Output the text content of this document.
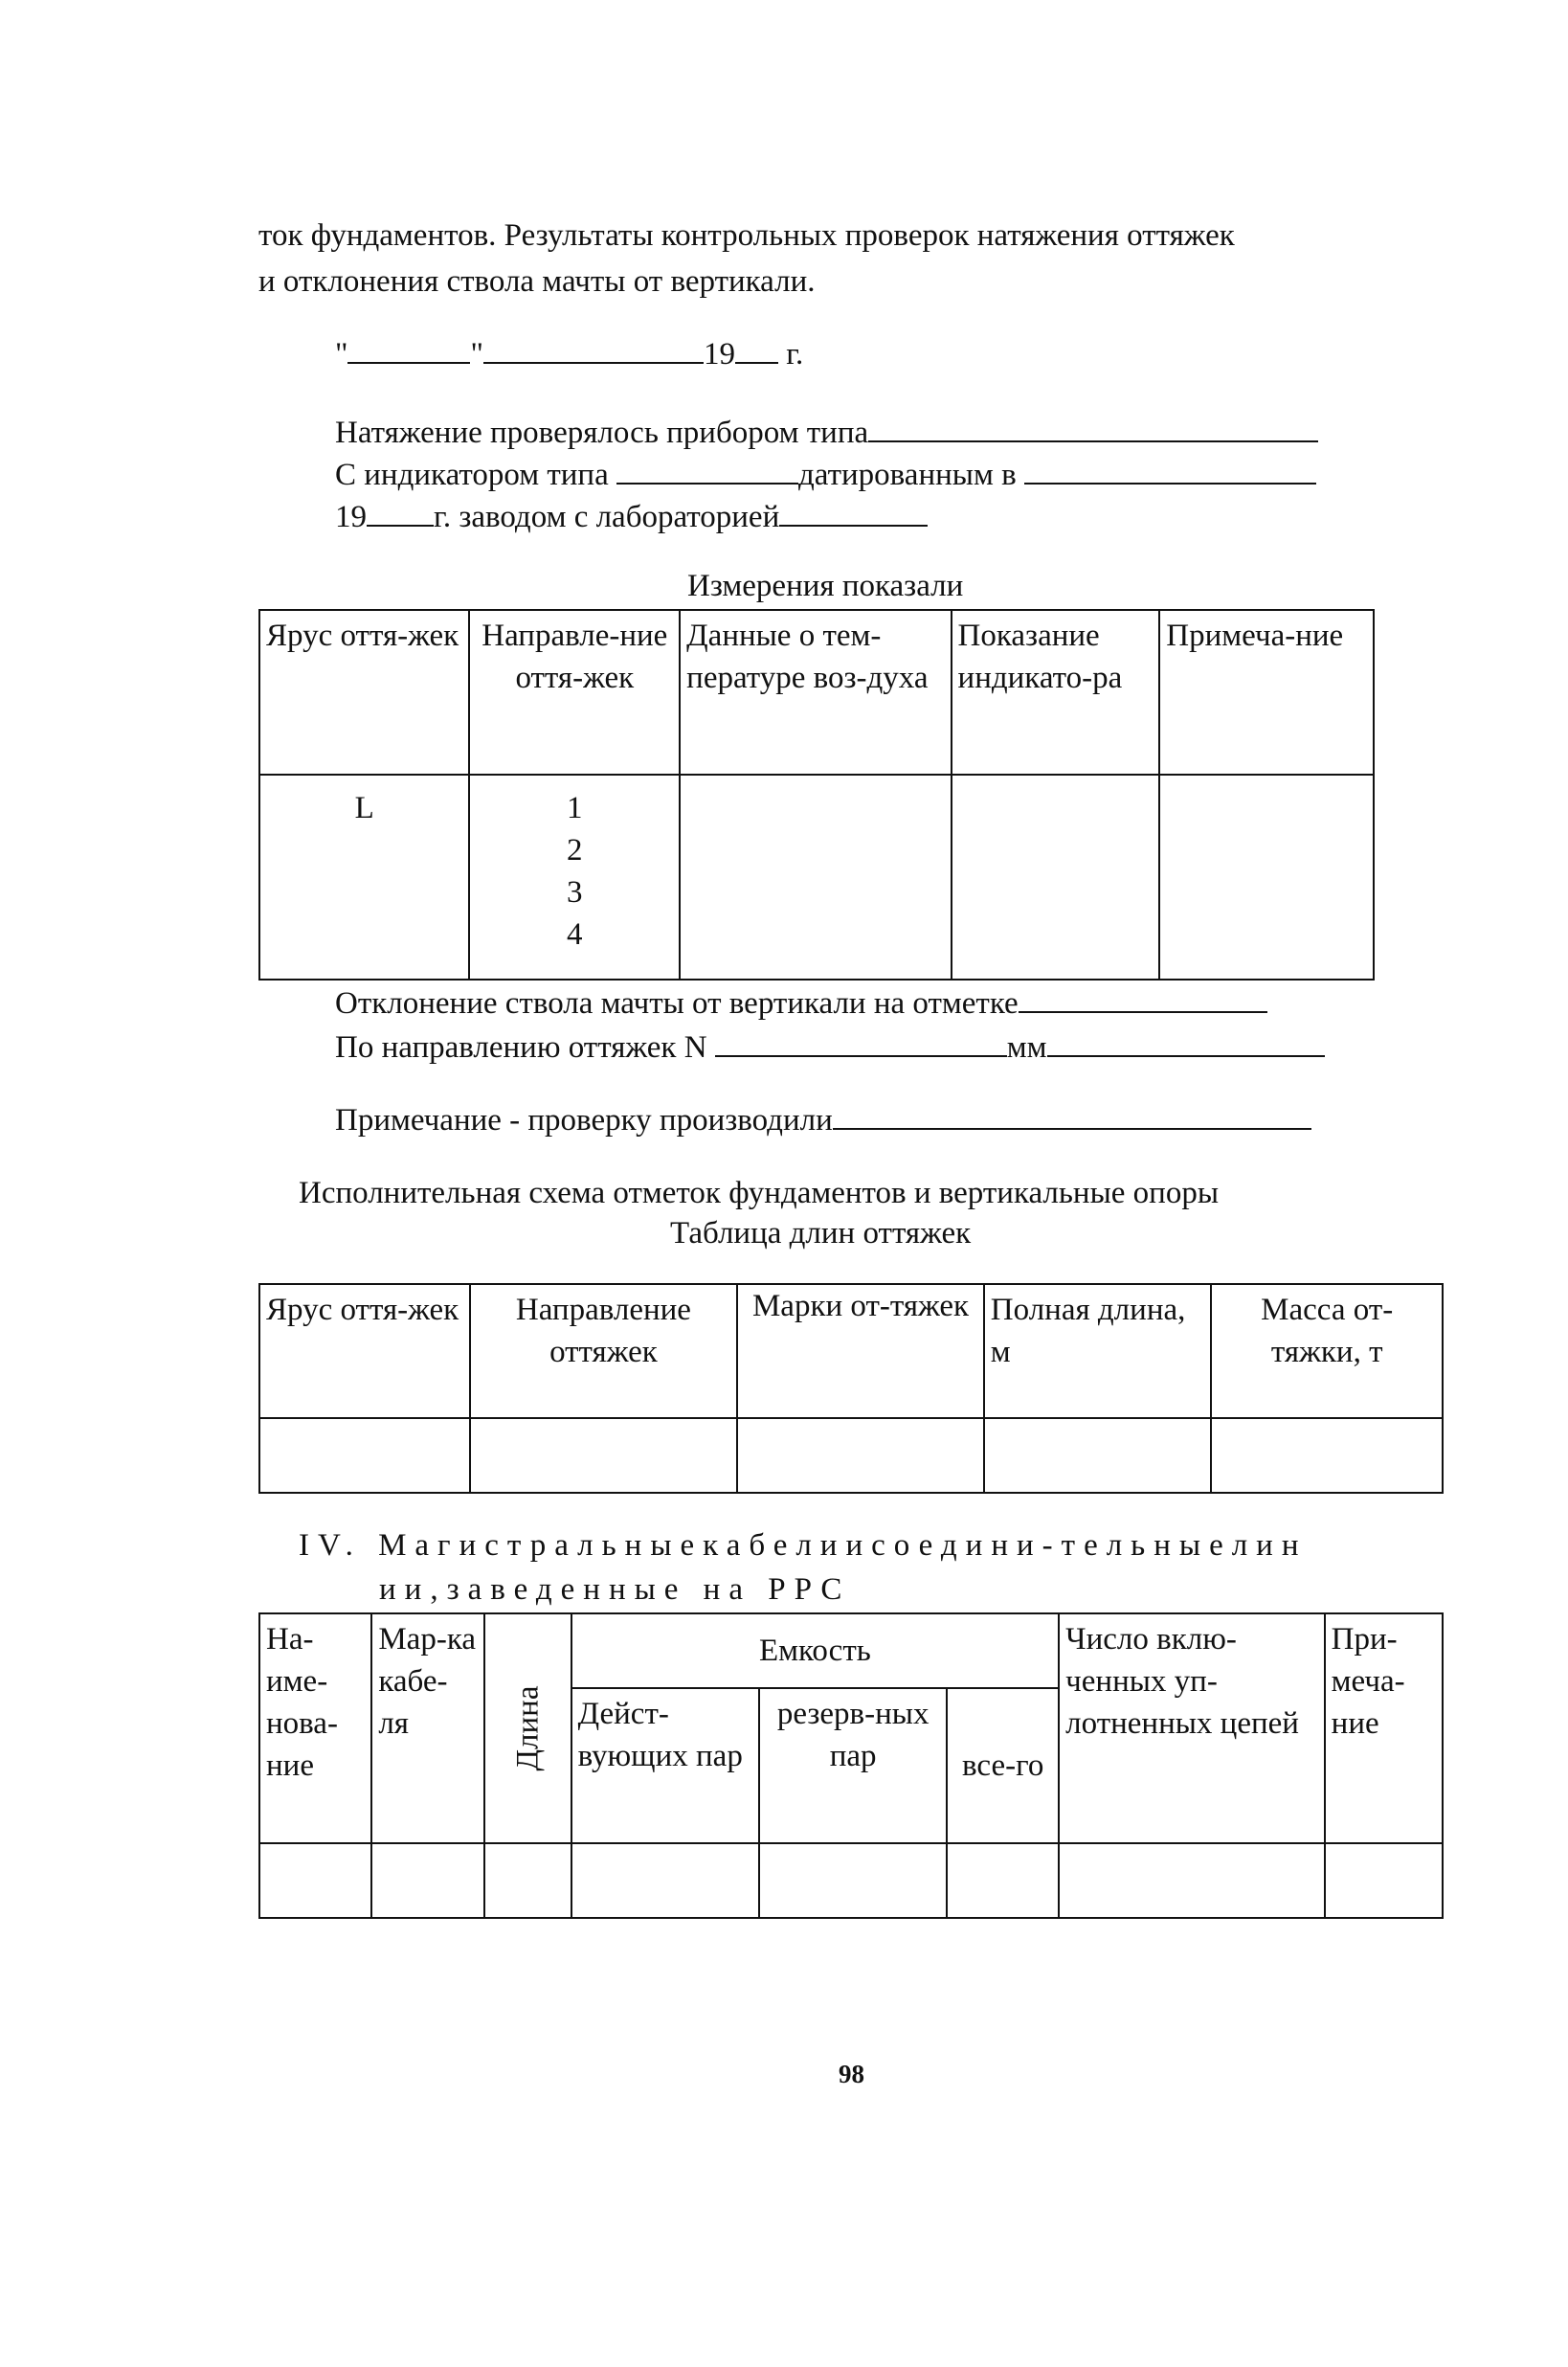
ток фундаментов. Результаты контрольных проверок натяжения оттяжек
и отклонения ствола мачты от вертикали.
"	"	19 г.
Натяжение проверялось прибором типа
С индикатором типа	датированным в
19 г. заводом с лабораторией
Измерения показали
Ярус оття-жек	Направле-ние оття-жек	Данные о тем-пературе воз-духа	Показание индикато-ра	Примеча-ние
L	1
2
3
4			

Отклонение ствола мачты от вертикали на отметке
По направлению оттяжек N	мм
Примечание - проверку производили
Исполнительная схема отметок фундаментов и вертикальные опоры
Таблица длин оттяжек
Ярус оття-жек	Направление оттяжек	Марки от-тяжек	Полная длина, м	Масса от-тяжки, т

IV. Магистральныекабелиисоедини-тельныелин
ии,заведенные на РРС
На-име-нова-ние	Мар-ка кабе-ля	Длина	Емкость			Число вклю-ченных уп-лотненных цепей	При-меча-ние
			Дейст-вующих пар	резерв-ных пар	все-го		

98
